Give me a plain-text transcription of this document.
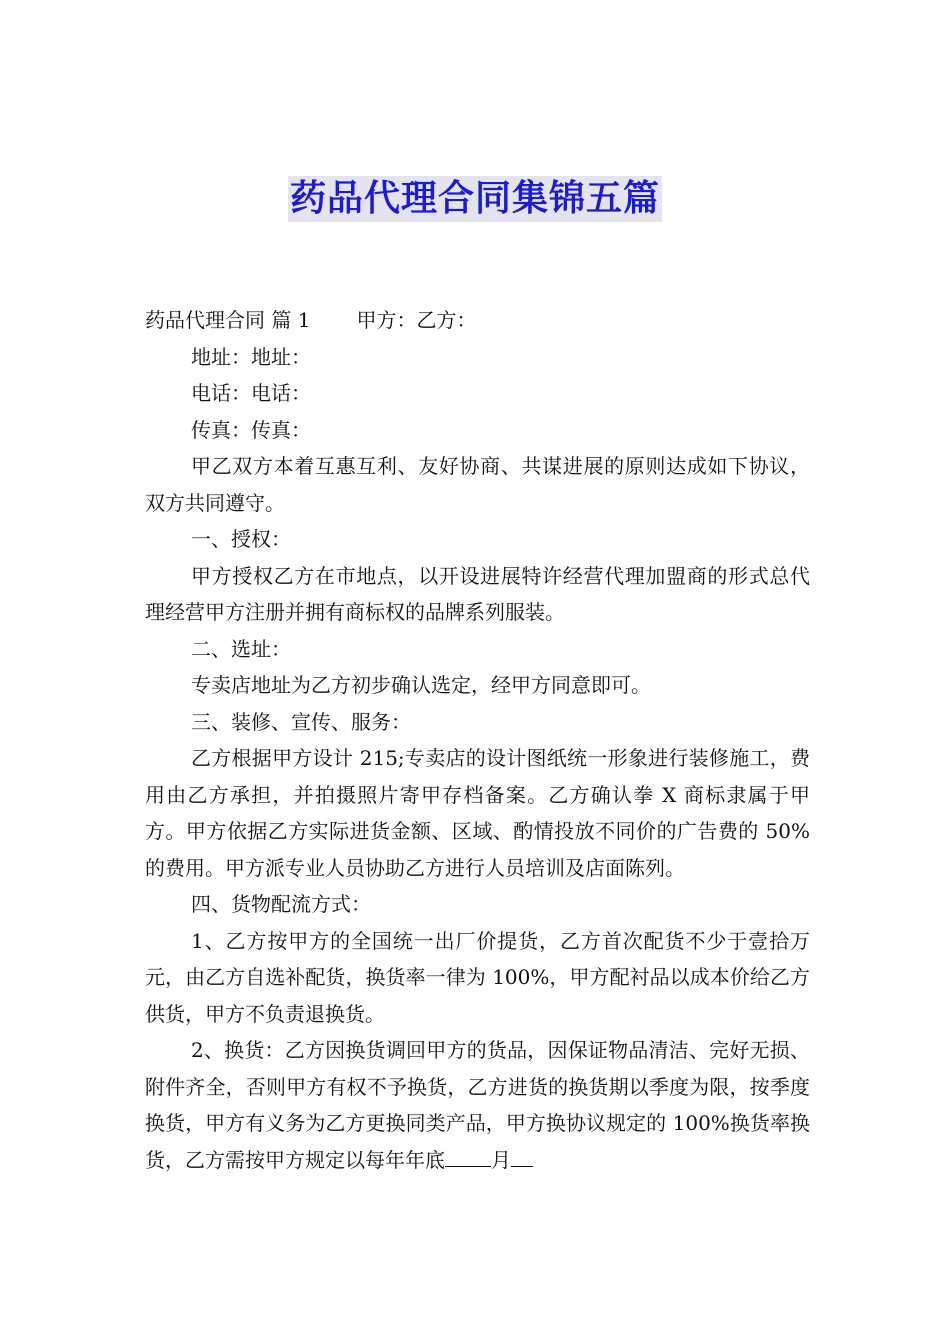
药品代理合同集锦五篇

药品代理合同 篇 1 甲方：乙方：

地址：地址：

电话：电话：

传真：传真：

甲乙双方本着互惠互利、友好协商、共谋进展的原则达成如下协议，双方共同遵守。

一、授权：

甲方授权乙方在市地点，以开设进展特许经营代理加盟商的形式总代理经营甲方注册并拥有商标权的品牌系列服装。

二、选址：

专卖店地址为乙方初步确认选定，经甲方同意即可。

三、装修、宣传、服务：

乙方根据甲方设计 215;专卖店的设计图纸统一形象进行装修施工，费用由乙方承担，并拍摄照片寄甲存档备案。乙方确认拳 X 商标隶属于甲方。甲方依据乙方实际进货金额、区域、酌情投放不同价的广告费的 50%的费用。甲方派专业人员协助乙方进行人员培训及店面陈列。

四、货物配流方式：

1、乙方按甲方的全国统一出厂价提货，乙方首次配货不少于壹拾万元，由乙方自选补配货，换货率一律为 100%，甲方配衬品以成本价给乙方供货，甲方不负责退换货。

2、换货：乙方因换货调回甲方的货品，因保证物品清洁、完好无损、附件齐全，否则甲方有权不予换货，乙方进货的换货期以季度为限，按季度换货，甲方有义务为乙方更换同类产品，甲方换协议规定的 100%换货率换货，乙方需按甲方规定以每年年底 月
